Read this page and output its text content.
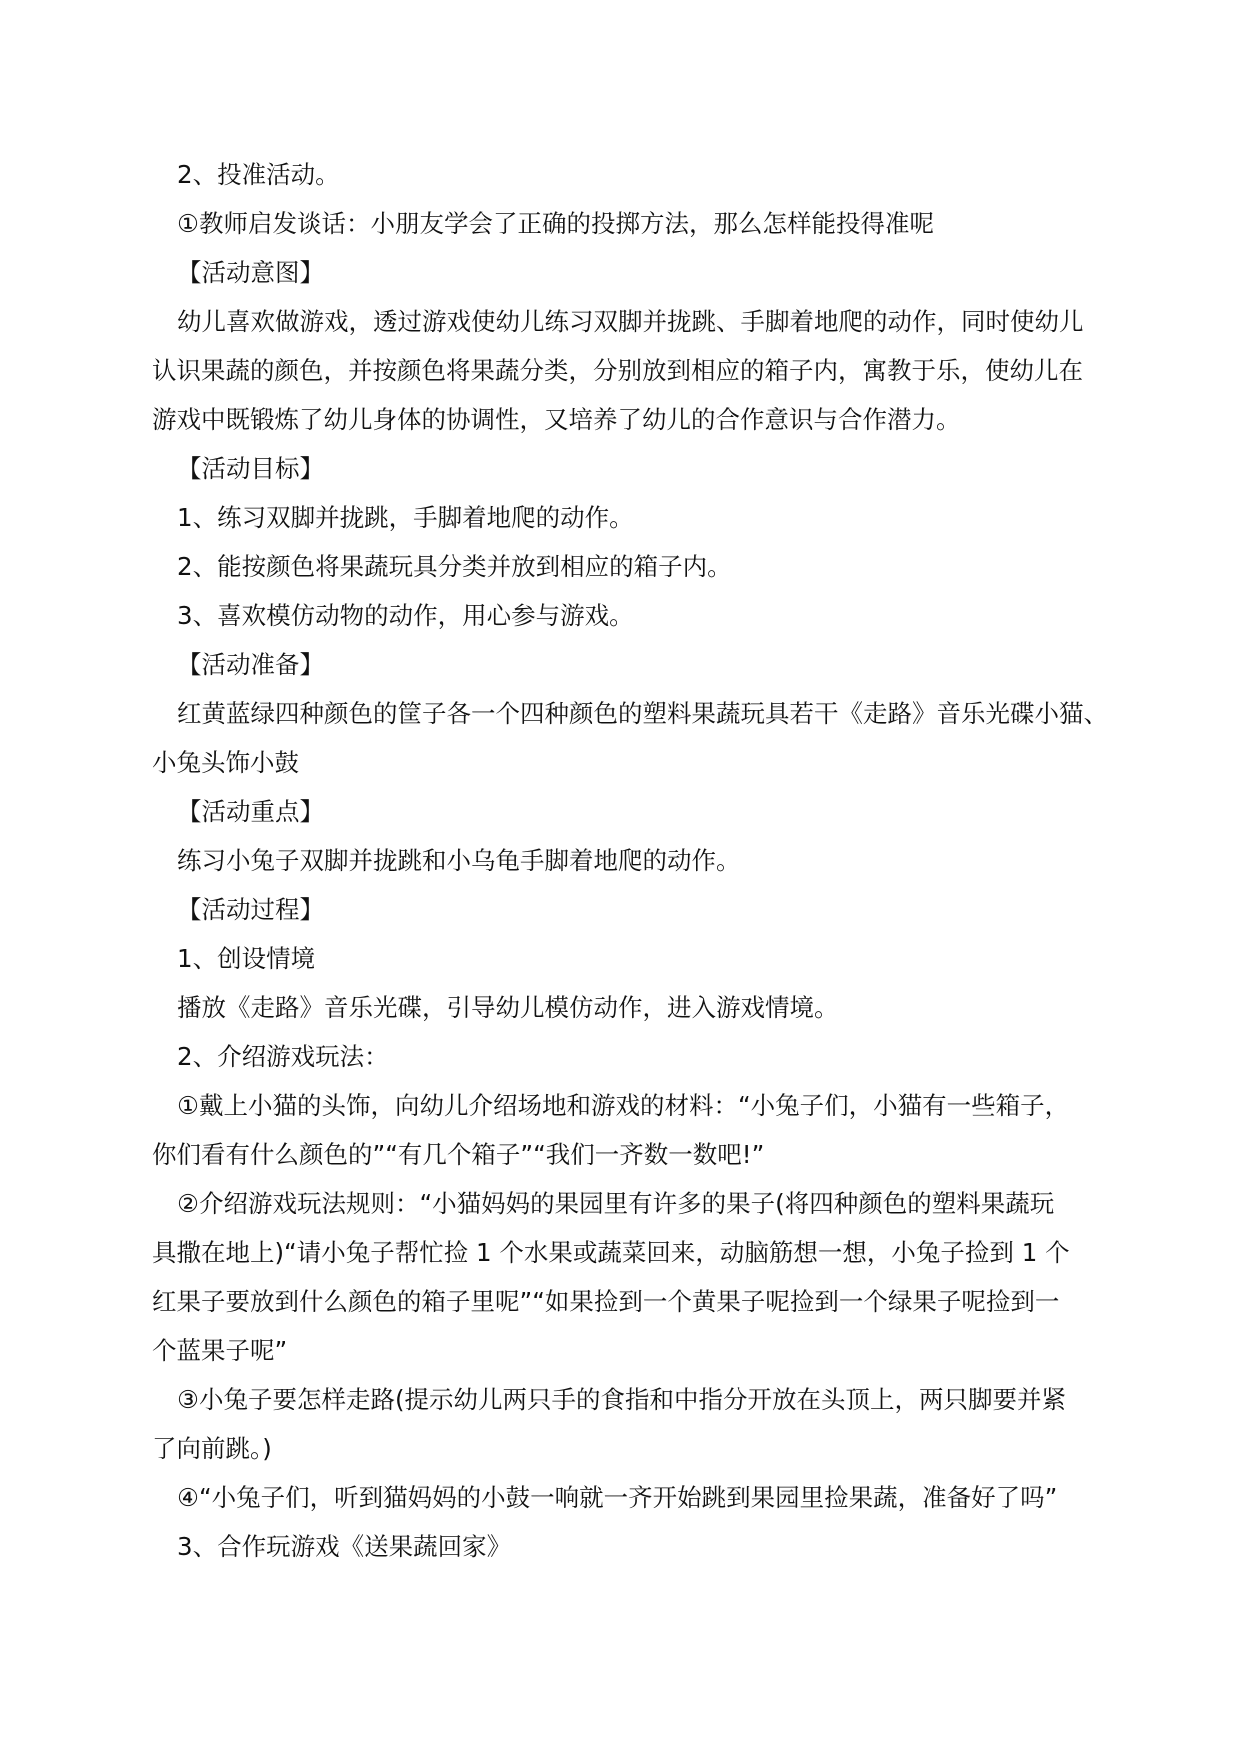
2、投准活动。

①教师启发谈话：小朋友学会了正确的投掷方法，那么怎样能投得准呢

【活动意图】

幼儿喜欢做游戏，透过游戏使幼儿练习双脚并拢跳、手脚着地爬的动作，同时使幼儿

认识果蔬的颜色，并按颜色将果蔬分类，分别放到相应的箱子内，寓教于乐，使幼儿在

游戏中既锻炼了幼儿身体的协调性，又培养了幼儿的合作意识与合作潜力。

【活动目标】

1、练习双脚并拢跳，手脚着地爬的动作。

2、能按颜色将果蔬玩具分类并放到相应的箱子内。

3、喜欢模仿动物的动作，用心参与游戏。

【活动准备】

红黄蓝绿四种颜色的筐子各一个四种颜色的塑料果蔬玩具若干《走路》音乐光碟小猫、

小兔头饰小鼓

【活动重点】

练习小兔子双脚并拢跳和小乌龟手脚着地爬的动作。

【活动过程】

1、创设情境

播放《走路》音乐光碟，引导幼儿模仿动作，进入游戏情境。

2、介绍游戏玩法：

①戴上小猫的头饰，向幼儿介绍场地和游戏的材料：“小兔子们，小猫有一些箱子，

你们看有什么颜色的”“有几个箱子”“我们一齐数一数吧!”

②介绍游戏玩法规则：“小猫妈妈的果园里有许多的果子(将四种颜色的塑料果蔬玩

具撒在地上)“请小兔子帮忙捡 1 个水果或蔬菜回来，动脑筋想一想，小兔子捡到 1 个

红果子要放到什么颜色的箱子里呢”“如果捡到一个黄果子呢捡到一个绿果子呢捡到一

个蓝果子呢”

③小兔子要怎样走路(提示幼儿两只手的食指和中指分开放在头顶上，两只脚要并紧

了向前跳。)

④“小兔子们，听到猫妈妈的小鼓一响就一齐开始跳到果园里捡果蔬，准备好了吗”

3、合作玩游戏《送果蔬回家》
